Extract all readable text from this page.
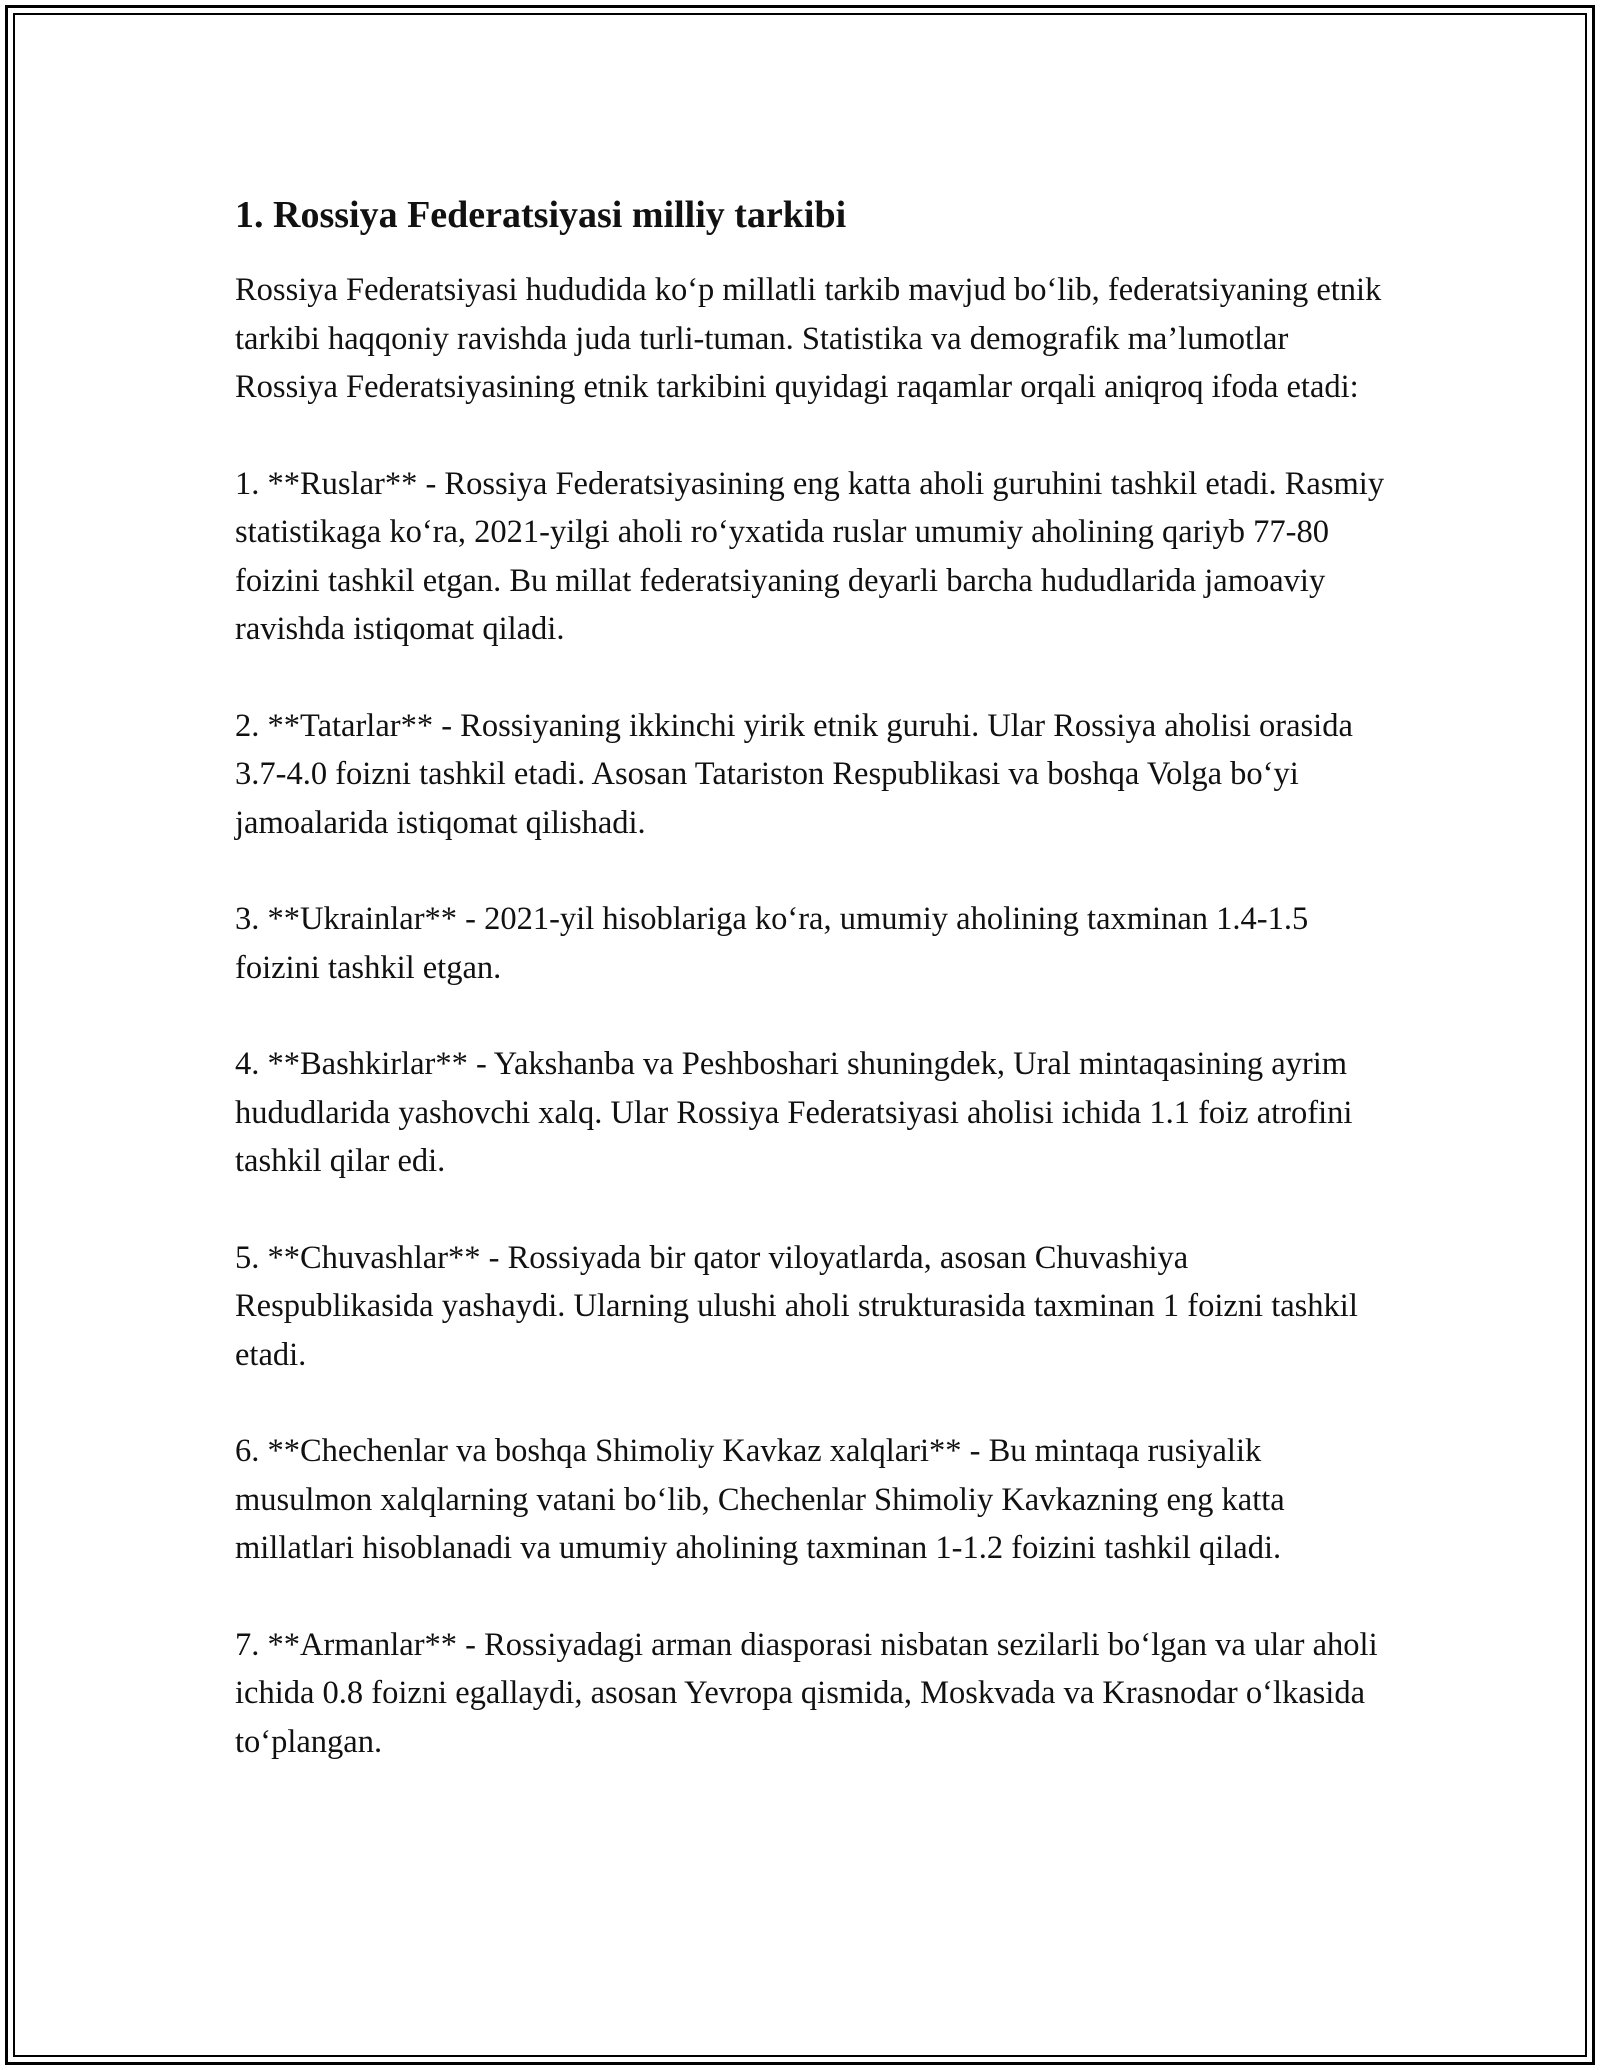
1. Rossiya Federatsiyasi milliy tarkibi

Rossiya Federatsiyasi hududida ko‘p millatli tarkib mavjud bo‘lib, federatsiyaning etnik tarkibi haqqoniy ravishda juda turli-tuman. Statistika va demografik ma’lumotlar Rossiya Federatsiyasining etnik tarkibini quyidagi raqamlar orqali aniqroq ifoda etadi:

1. **Ruslar** - Rossiya Federatsiyasining eng katta aholi guruhini tashkil etadi. Rasmiy statistikaga ko‘ra, 2021-yilgi aholi ro‘yxatida ruslar umumiy aholining qariyb 77-80 foizini tashkil etgan. Bu millat federatsiyaning deyarli barcha hududlarida jamoaviy ravishda istiqomat qiladi.

2. **Tatarlar** - Rossiyaning ikkinchi yirik etnik guruhi. Ular Rossiya aholisi orasida 3.7-4.0 foizni tashkil etadi. Asosan Tatariston Respublikasi va boshqa Volga bo‘yi jamoalarida istiqomat qilishadi.

3. **Ukrainlar** - 2021-yil hisoblariga ko‘ra, umumiy aholining taxminan 1.4-1.5 foizini tashkil etgan.

4. **Bashkirlar** - Yakshanba va Peshboshari shuningdek, Ural mintaqasining ayrim hududlarida yashovchi xalq. Ular Rossiya Federatsiyasi aholisi ichida 1.1 foiz atrofini tashkil qilar edi.

5. **Chuvashlar** - Rossiyada bir qator viloyatlarda, asosan Chuvashiya Respublikasida yashaydi. Ularning ulushi aholi strukturasida taxminan 1 foizni tashkil etadi.

6. **Chechenlar va boshqa Shimoliy Kavkaz xalqlari** - Bu mintaqa rusiyalik musulmon xalqlarning vatani bo‘lib, Chechenlar Shimoliy Kavkazning eng katta millatlari hisoblanadi va umumiy aholining taxminan 1-1.2 foizini tashkil qiladi.

7. **Armanlar** - Rossiyadagi arman diasporasi nisbatan sezilarli bo‘lgan va ular aholi ichida 0.8 foizni egallaydi, asosan Yevropa qismida, Moskvada va Krasnodar o‘lkasida to‘plangan.
